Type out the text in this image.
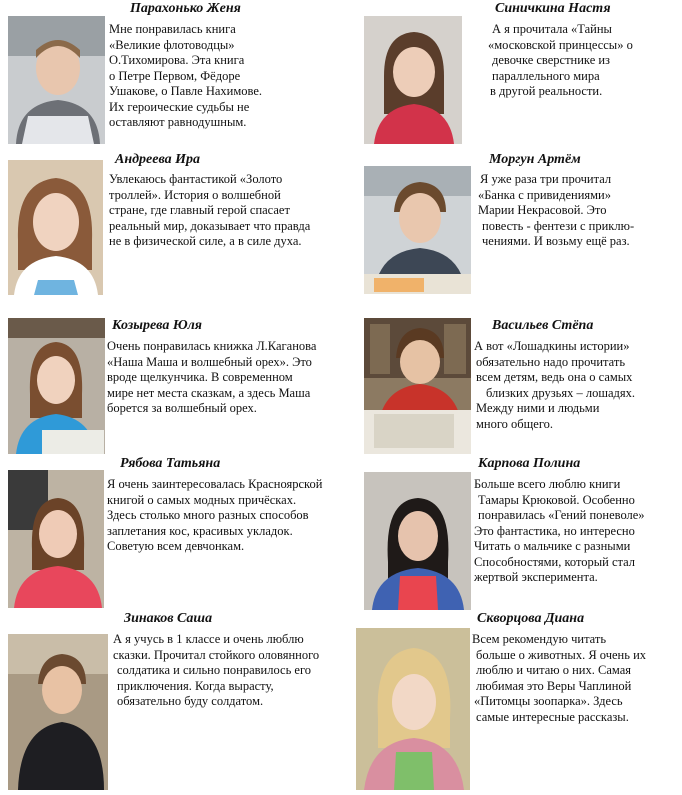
Парахонько Женя
Мне понравилась книга
«Великие флотоводцы»
О.Тихомирова. Эта книга
о Петре Первом, Фёдоре
Ушакове, о Павле Нахимове.
Их героические судьбы не
оставляют равнодушным.
Синичкина Настя
А я прочитала «Тайны
«московской принцессы» о
девочке сверстнике из
параллельного мира
в другой реальности.
Андреева Ира
Увлекаюсь фантастикой «Золото
троллей». История о волшебной
стране, где главный герой спасает
реальный мир, доказывает что правда
не в физической силе, а в силе духа.
Моргун Артём
Я уже раза три прочитал
«Банка с привидениями»
Марии Некрасовой. Это
повесть - фентези с приклю-
чениями. И возьму ещё раз.
Козырева Юля
Очень понравилась книжка Л.Каганова
«Наша Маша и волшебный орех». Это
вроде щелкунчика. В современном
мире нет места сказкам, а здесь Маша
борется за волшебный орех.
Васильев Стёпа
А вот «Лошадкины истории»
обязательно надо прочитать
всем детям, ведь она о самых
близких друзьях – лошадях.
Между ними и людьми
много общего.
Рябова Татьяна
Я очень заинтересовалась Красноярской
книгой о самых модных причёсках.
Здесь столько много разных способов
заплетания кос, красивых укладок.
Советую всем девчонкам.
Карпова Полина
Больше всего люблю книги
Тамары Крюковой. Особенно
понравилась «Гений поневоле»
Это фантастика, но интересно
Читать о мальчике с разными
Способностями, который стал
жертвой эксперимента.
Зинаков Саша
А я учусь в 1 классе и очень люблю
сказки. Прочитал стойкого оловянного
солдатика и сильно понравилось его
приключения. Когда вырасту,
обязательно буду солдатом.
Скворцова Диана
Всем рекомендую читать
больше о животных. Я очень их
люблю и читаю о них. Самая
любимая это Веры Чаплиной
«Питомцы зоопарка». Здесь
самые интересные рассказы.
